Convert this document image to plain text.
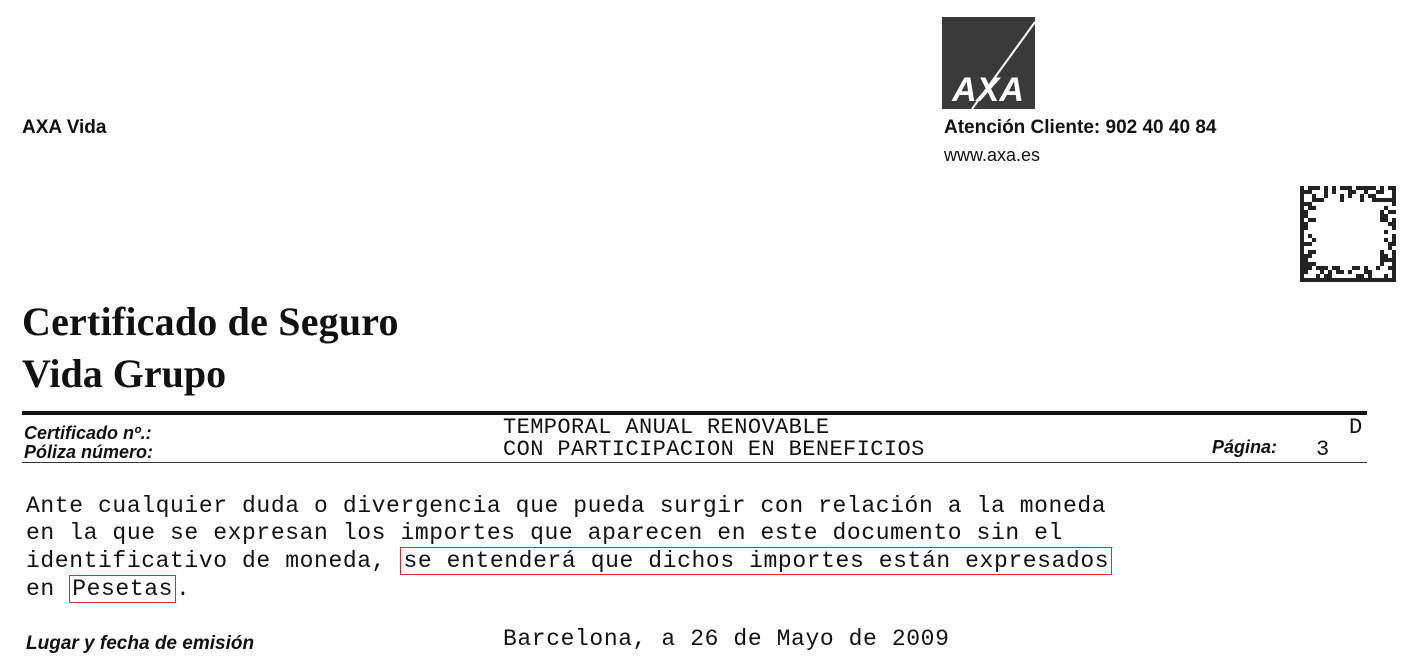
AXA Vida
AXA
Atención Cliente: 902 40 40 84
www.axa.es
Certificado de Seguro
Vida Grupo
Certificado nº.:
Póliza número:
TEMPORAL ANUAL RENOVABLE
CON PARTICIPACION EN BENEFICIOS
D
Página: 3
Ante cualquier duda o divergencia que pueda surgir con relación a la moneda
en la que se expresan los importes que aparecen en este documento sin el
identificativo de moneda, se entenderá que dichos importes están expresados
en Pesetas .
Lugar y fecha de emisión	Barcelona, a 26 de Mayo de 2009
